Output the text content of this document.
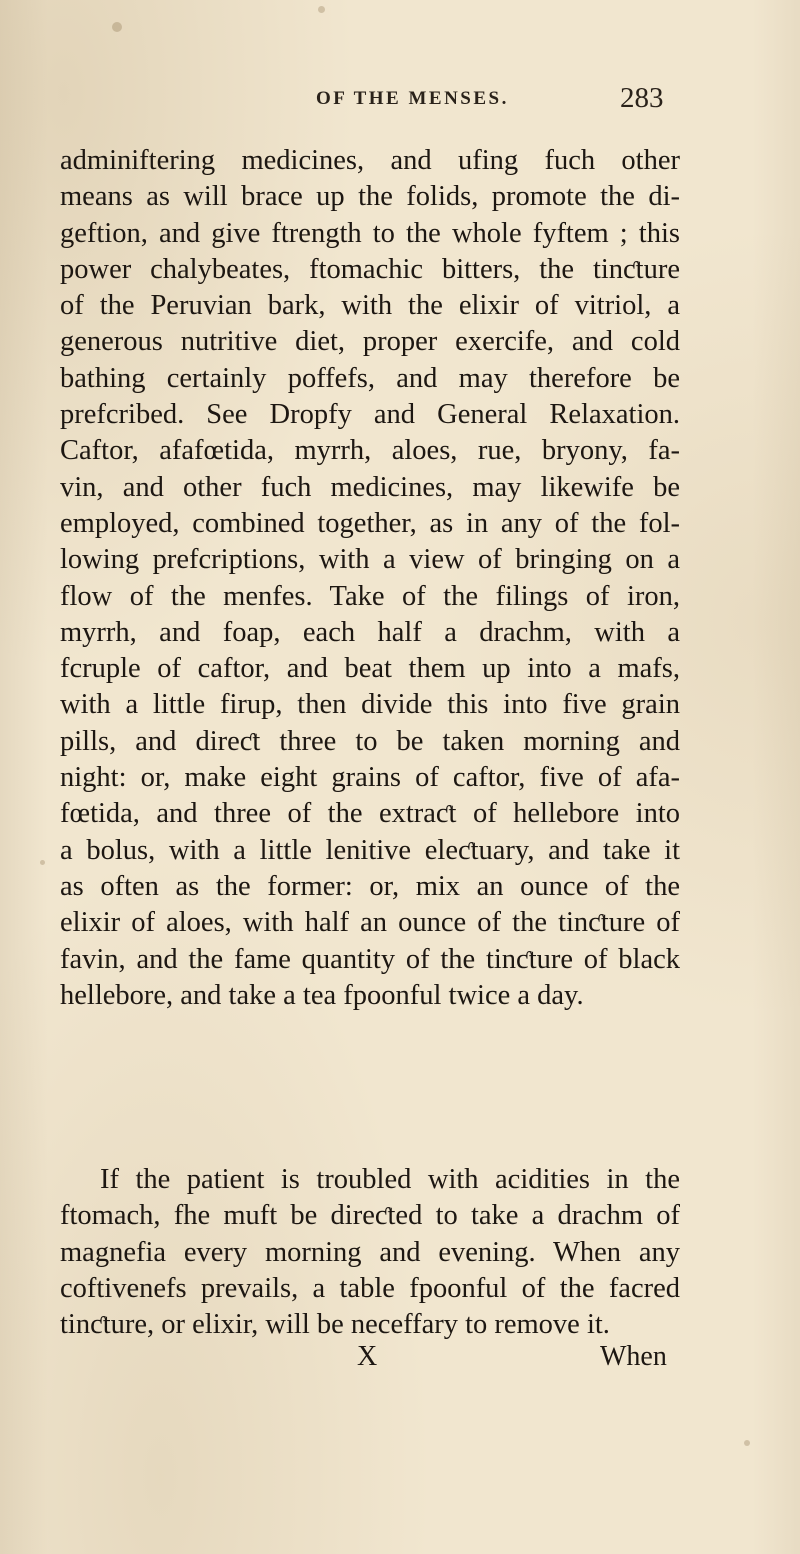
OF THE MENSES.	283
adminiftering medicines, and ufing fuch other
means as will brace up the folids, promote the di-
geftion, and give ftrength to the whole fyftem ; this
power chalybeates, ftomachic bitters, the tinƈture
of the Peruvian bark, with the elixir of vitriol, a
generous nutritive diet, proper exercife, and cold
bathing certainly poffefs, and may therefore be
prefcribed. See Dropfy and General Relaxation.
Caftor, afafœtida, myrrh, aloes, rue, bryony, fa-
vin, and other fuch medicines, may likewife be
employed, combined together, as in any of the fol-
lowing prefcriptions, with a view of bringing on a
flow of the menfes. Take of the filings of iron,
myrrh, and foap, each half a drachm, with a
fcruple of caftor, and beat them up into a mafs,
with a little firup, then divide this into five grain
pills, and direƈt three to be taken morning and
night: or, make eight grains of caftor, five of afa-
fœtida, and three of the extraƈt of hellebore into
a bolus, with a little lenitive eleƈtuary, and take it
as often as the former: or, mix an ounce of the
elixir of aloes, with half an ounce of the tinƈture of
favin, and the fame quantity of the tinƈture of black
hellebore, and take a tea fpoonful twice a day.
If the patient is troubled with acidities in the
ftomach, fhe muft be direƈted to take a drachm of
magnefia every morning and evening. When any
coftivenefs prevails, a table fpoonful of the facred
tinƈture, or elixir, will be neceffary to remove it.
X	When
